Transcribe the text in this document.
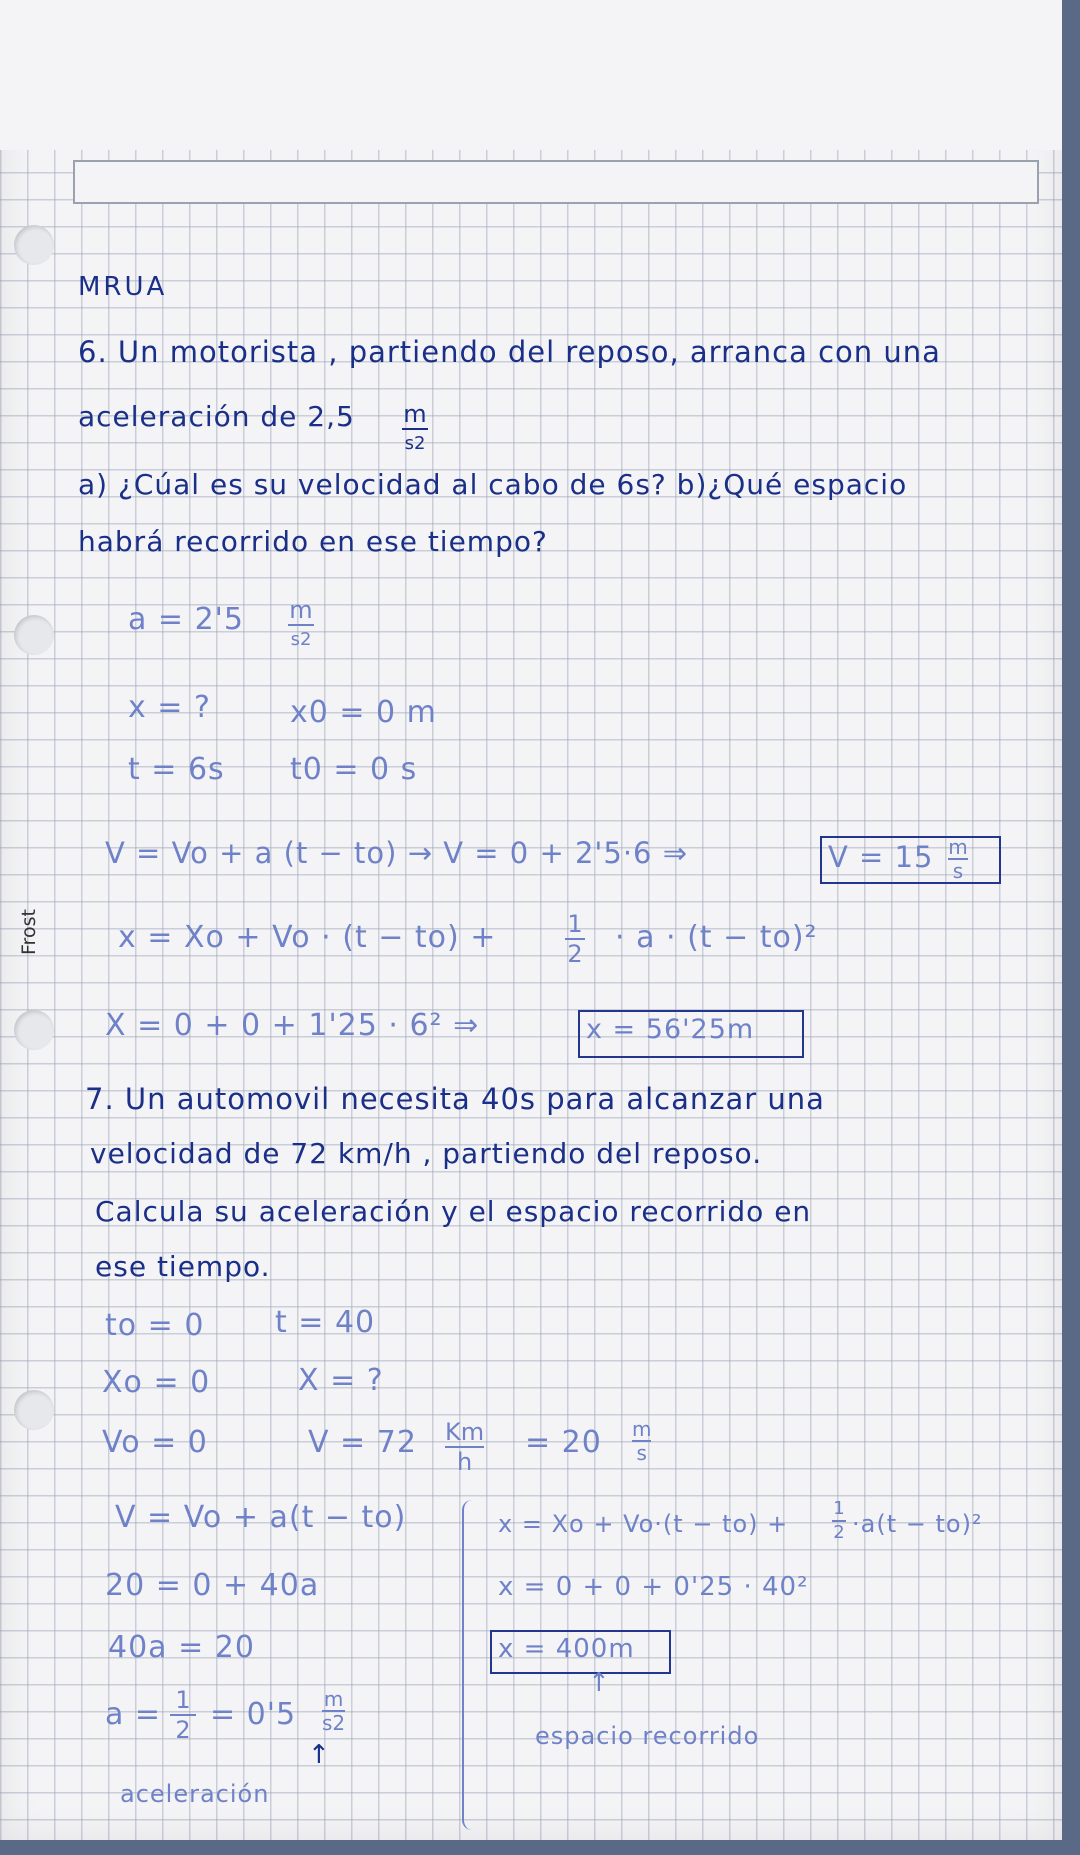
Frost
MRUA
6. Un motorista , partiendo del reposo, arranca con una
aceleración de 2,5 m
s2
a) ¿Cúal es su velocidad al cabo de 6s? b)¿Qué espacio
habrá recorrido en ese tiempo?
a = 2'5 m
s2
x = ?	x0 = 0 m
t = 6s t0 = 0 s
V = Vo + a (t − to) → V = 0 + 2'5·6 ⇒	V = 15 m
s
x = Xo + Vo · (t − to) +	1
2 · a · (t − to)²
X = 0 + 0 + 1'25 · 6² ⇒	x = 56'25m
7. Un automovil necesita 40s para alcanzar una
velocidad de 72 km/h , partiendo del reposo.
Calcula su aceleración y el espacio recorrido en
ese tiempo.
to = 0 t = 40
Xo = 0	X = ?
Vo = 0	V = 72 Km
h
= 20 m
s
V = Vo + a(t − to)
20 = 0 + 40a
40a = 20
a = 1
2 = 0'5 m
s2
↑
aceleración
x = Xo + Vo·(t − to) +
1
2 ·a(t − to)²
x = 0 + 0 + 0'25 · 40²
x = 400m
↑
espacio recorrido
